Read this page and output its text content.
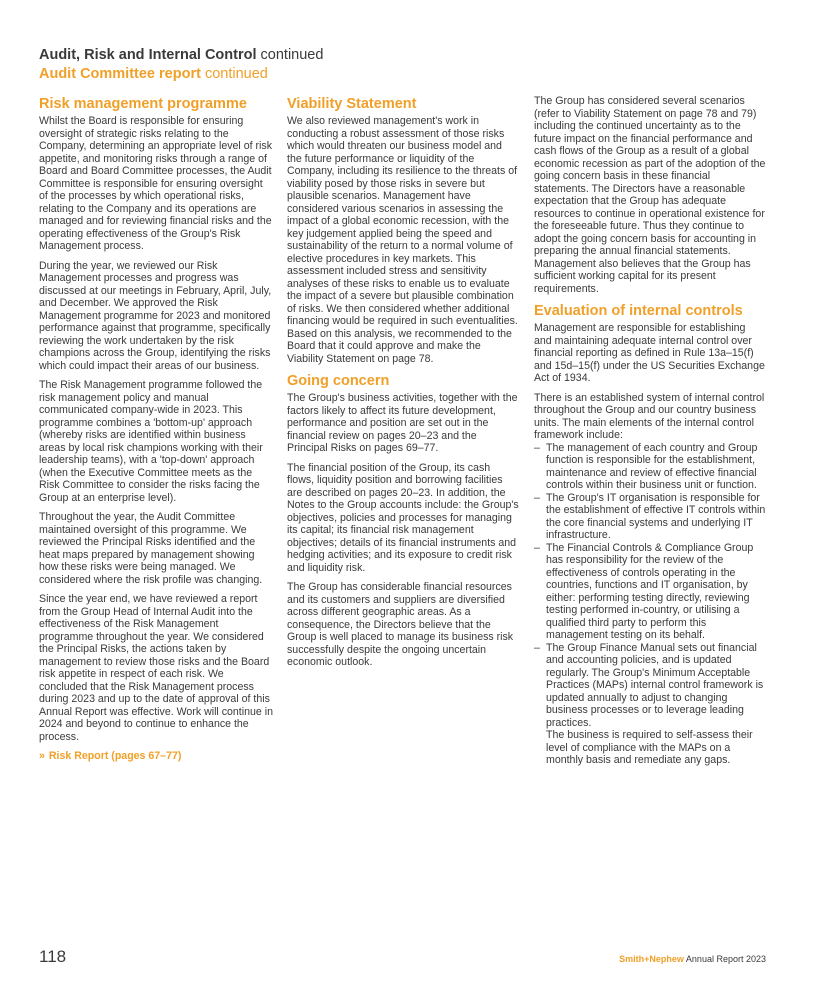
Audit, Risk and Internal Control continued
Audit Committee report continued
Risk management programme

Whilst the Board is responsible for ensuring oversight of strategic risks relating to the Company, determining an appropriate level of risk appetite, and monitoring risks through a range of Board and Board Committee processes, the Audit Committee is responsible for ensuring oversight of the processes by which operational risks, relating to the Company and its operations are managed and for reviewing financial risks and the operating effectiveness of the Group's Risk Management process.

During the year, we reviewed our Risk Management processes and progress was discussed at our meetings in February, April, July, and December. We approved the Risk Management programme for 2023 and monitored performance against that programme, specifically reviewing the work undertaken by the risk champions across the Group, identifying the risks which could impact their areas of our business.

The Risk Management programme followed the risk management policy and manual communicated company-wide in 2023. This programme combines a 'bottom-up' approach (whereby risks are identified within business areas by local risk champions working with their leadership teams), with a 'top-down' approach (when the Executive Committee meets as the Risk Committee to consider the risks facing the Group at an enterprise level).

Throughout the year, the Audit Committee maintained oversight of this programme. We reviewed the Principal Risks identified and the heat maps prepared by management showing how these risks were being managed. We considered where the risk profile was changing.

Since the year end, we have reviewed a report from the Group Head of Internal Audit into the effectiveness of the Risk Management programme throughout the year. We considered the Principal Risks, the actions taken by management to review those risks and the Board risk appetite in respect of each risk. We concluded that the Risk Management process during 2023 and up to the date of approval of this Annual Report was effective. Work will continue in 2024 and beyond to continue to enhance the process.

» Risk Report (pages 67–77)
Viability Statement

We also reviewed management's work in conducting a robust assessment of those risks which would threaten our business model and the future performance or liquidity of the Company, including its resilience to the threats of viability posed by those risks in severe but plausible scenarios. Management have considered various scenarios in assessing the impact of a global economic recession, with the key judgement applied being the speed and sustainability of the return to a normal volume of elective procedures in key markets. This assessment included stress and sensitivity analyses of these risks to enable us to evaluate the impact of a severe but plausible combination of risks. We then considered whether additional financing would be required in such eventualities. Based on this analysis, we recommended to the Board that it could approve and make the Viability Statement on page 78.

Going concern

The Group's business activities, together with the factors likely to affect its future development, performance and position are set out in the financial review on pages 20–23 and the Principal Risks on pages 69–77.

The financial position of the Group, its cash flows, liquidity position and borrowing facilities are described on pages 20–23. In addition, the Notes to the Group accounts include: the Group's objectives, policies and processes for managing its capital; its financial risk management objectives; details of its financial instruments and hedging activities; and its exposure to credit risk and liquidity risk.

The Group has considerable financial resources and its customers and suppliers are diversified across different geographic areas. As a consequence, the Directors believe that the Group is well placed to manage its business risk successfully despite the ongoing uncertain economic outlook.

The Group has considered several scenarios (refer to Viability Statement on page 78 and 79) including the continued uncertainty as to the future impact on the financial performance and cash flows of the Group as a result of a global economic recession as part of the adoption of the going concern basis in these financial statements. The Directors have a reasonable expectation that the Group has adequate resources to continue in operational existence for the foreseeable future. Thus they continue to adopt the going concern basis for accounting in preparing the annual financial statements. Management also believes that the Group has sufficient working capital for its present requirements.

Evaluation of internal controls

Management are responsible for establishing and maintaining adequate internal control over financial reporting as defined in Rule 13a–15(f) and 15d–15(f) under the US Securities Exchange Act of 1934.

There is an established system of internal control throughout the Group and our country business units. The main elements of the internal control framework include:

– The management of each country and Group function is responsible for the establishment, maintenance and review of effective financial controls within their business unit or function.
– The Group's IT organisation is responsible for the establishment of effective IT controls within the core financial systems and underlying IT infrastructure.
– The Financial Controls & Compliance Group has responsibility for the review of the effectiveness of controls operating in the countries, functions and IT organisation, by either: performing testing directly, reviewing testing performed in-country, or utilising a qualified third party to perform this management testing on its behalf.
– The Group Finance Manual sets out financial and accounting policies, and is updated regularly. The Group's Minimum Acceptable Practices (MAPs) internal control framework is updated annually to adjust to changing business processes or to leverage leading practices.

The business is required to self-assess their level of compliance with the MAPs on a monthly basis and remediate any gaps.

118	Smith+Nephew Annual Report 2023
